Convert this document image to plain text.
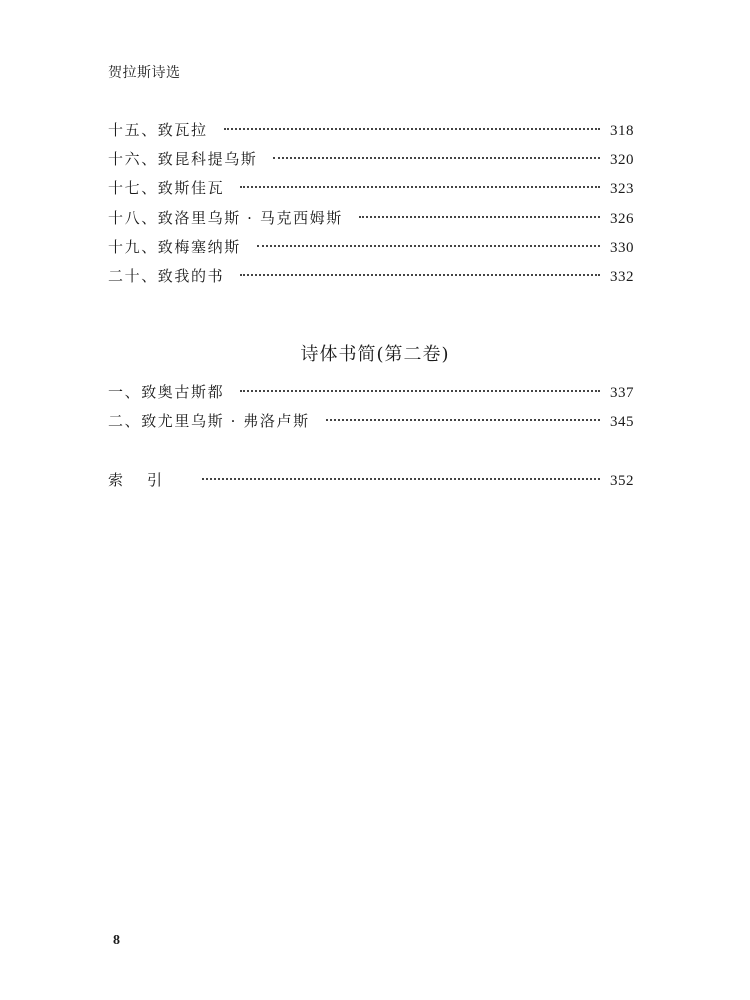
贺拉斯诗选
十五、致瓦拉	318
十六、致昆科提乌斯	320
十七、致斯佳瓦	323
十八、致洛里乌斯 · 马克西姆斯	326
十九、致梅塞纳斯	330
二十、致我的书	332
诗体书简(第二卷)
一、致奥古斯都	337
二、致尤里乌斯 · 弗洛卢斯	345
索引	352
8
